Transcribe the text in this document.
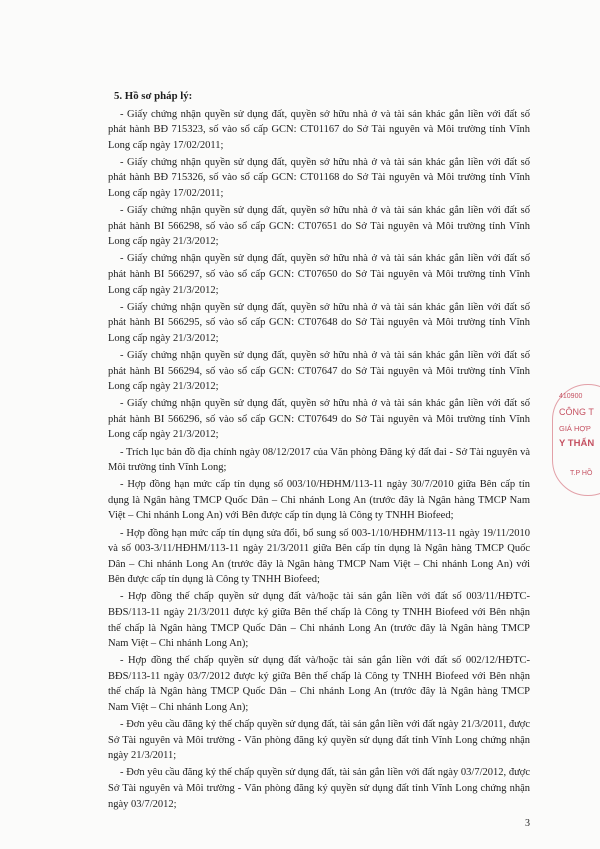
5. Hồ sơ pháp lý:

- Giấy chứng nhận quyền sử dụng đất, quyền sở hữu nhà ở và tài sản khác gắn liền với đất số phát hành BĐ 715323, số vào sổ cấp GCN: CT01167 do Sở Tài nguyên và Môi trường tỉnh Vĩnh Long cấp ngày 17/02/2011;

- Giấy chứng nhận quyền sử dụng đất, quyền sở hữu nhà ở và tài sản khác gắn liền với đất số phát hành BĐ 715326, số vào sổ cấp GCN: CT01168 do Sở Tài nguyên và Môi trường tỉnh Vĩnh Long cấp ngày 17/02/2011;

- Giấy chứng nhận quyền sử dụng đất, quyền sở hữu nhà ở và tài sản khác gắn liền với đất số phát hành BI 566298, số vào sổ cấp GCN: CT07651 do Sở Tài nguyên và Môi trường tỉnh Vĩnh Long cấp ngày 21/3/2012;

- Giấy chứng nhận quyền sử dụng đất, quyền sở hữu nhà ở và tài sản khác gắn liền với đất số phát hành BI 566297, số vào sổ cấp GCN: CT07650 do Sở Tài nguyên và Môi trường tỉnh Vĩnh Long cấp ngày 21/3/2012;

- Giấy chứng nhận quyền sử dụng đất, quyền sở hữu nhà ở và tài sản khác gắn liền với đất số phát hành BI 566295, số vào sổ cấp GCN: CT07648 do Sở Tài nguyên và Môi trường tỉnh Vĩnh Long cấp ngày 21/3/2012;

- Giấy chứng nhận quyền sử dụng đất, quyền sở hữu nhà ở và tài sản khác gắn liền với đất số phát hành BI 566294, số vào sổ cấp GCN: CT07647 do Sở Tài nguyên và Môi trường tỉnh Vĩnh Long cấp ngày 21/3/2012;

- Giấy chứng nhận quyền sử dụng đất, quyền sở hữu nhà ở và tài sản khác gắn liền với đất số phát hành BI 566296, số vào sổ cấp GCN: CT07649 do Sở Tài nguyên và Môi trường tỉnh Vĩnh Long cấp ngày 21/3/2012;

- Trích lục bản đồ địa chính ngày 08/12/2017 của Văn phòng Đăng ký đất đai - Sở Tài nguyên và Môi trường tỉnh Vĩnh Long;

- Hợp đồng hạn mức cấp tín dụng số 003/10/HĐHM/113-11 ngày 30/7/2010 giữa Bên cấp tín dụng là Ngân hàng TMCP Quốc Dân – Chi nhánh Long An (trước đây là Ngân hàng TMCP Nam Việt – Chi nhánh Long An) với Bên được cấp tín dụng là Công ty TNHH Biofeed;

- Hợp đồng hạn mức cấp tín dụng sửa đổi, bổ sung số 003-1/10/HĐHM/113-11 ngày 19/11/2010 và số 003-3/11/HĐHM/113-11 ngày 21/3/2011 giữa Bên cấp tín dụng là Ngân hàng TMCP Quốc Dân – Chi nhánh Long An (trước đây là Ngân hàng TMCP Nam Việt – Chi nhánh Long An) với Bên được cấp tín dụng là Công ty TNHH Biofeed;

- Hợp đồng thế chấp quyền sử dụng đất và/hoặc tài sản gắn liền với đất số 003/11/HĐTC-BĐS/113-11 ngày 21/3/2011 được ký giữa Bên thế chấp là Công ty TNHH Biofeed với Bên nhận thế chấp là Ngân hàng TMCP Quốc Dân – Chi nhánh Long An (trước đây là Ngân hàng TMCP Nam Việt – Chi nhánh Long An);

- Hợp đồng thế chấp quyền sử dụng đất và/hoặc tài sản gắn liền với đất số 002/12/HĐTC-BĐS/113-11 ngày 03/7/2012 được ký giữa Bên thế chấp là Công ty TNHH Biofeed với Bên nhận thế chấp là Ngân hàng TMCP Quốc Dân – Chi nhánh Long An (trước đây là Ngân hàng TMCP Nam Việt – Chi nhánh Long An);

- Đơn yêu cầu đăng ký thế chấp quyền sử dụng đất, tài sản gắn liền với đất ngày 21/3/2011, được Sở Tài nguyên và Môi trường - Văn phòng đăng ký quyền sử dụng đất tỉnh Vĩnh Long chứng nhận ngày 21/3/2011;

- Đơn yêu cầu đăng ký thế chấp quyền sử dụng đất, tài sản gắn liền với đất ngày 03/7/2012, được Sở Tài nguyên và Môi trường - Văn phòng đăng ký quyền sử dụng đất tỉnh Vĩnh Long chứng nhận ngày 03/7/2012;

410900
CÔNG T
GIÁ HỢP
Y THẨN
T.P HỒ
3
